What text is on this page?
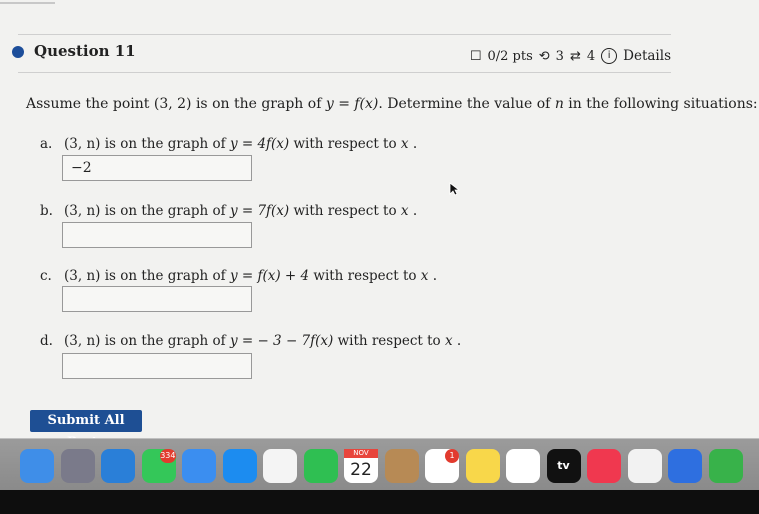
Question 11	☐ 0/2 pts ⟲ 3 ⇄ 4	i Details
Assume the point (3, 2) is on the graph of y = f(x). Determine the value of n in the following situations:
a. (3, n) is on the graph of y = 4f(x) with respect to x .
−2
b. (3, n) is on the graph of y = 7f(x) with respect to x .
c. (3, n) is on the graph of y = f(x) + 4 with respect to x .
d. (3, n) is on the graph of y = − 3 − 7f(x) with respect to x .
Submit All
334	NOV
22
1
tv
